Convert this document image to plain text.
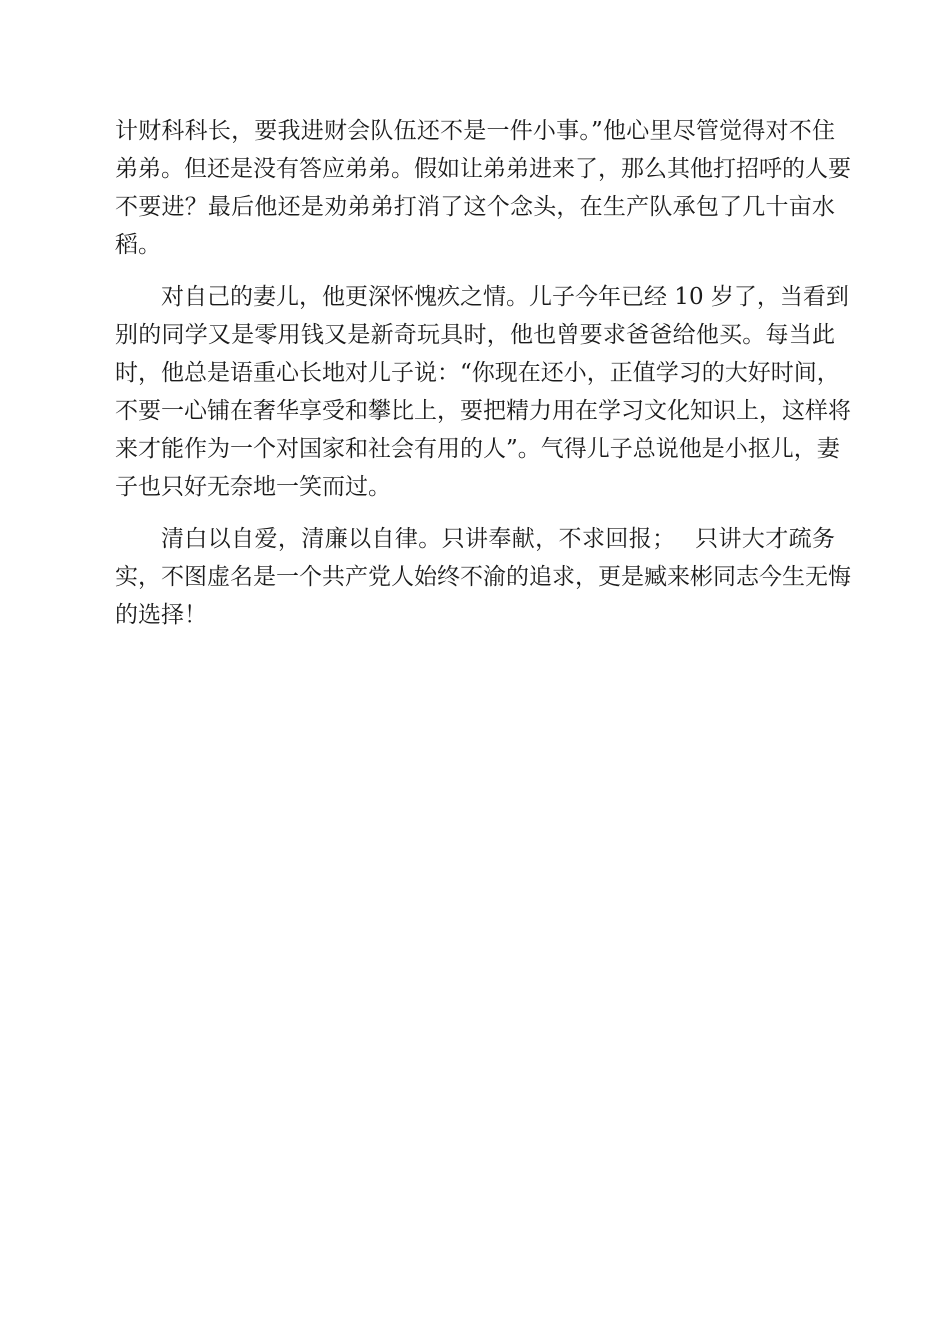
计财科科长，要我进财会队伍还不是一件小事。”他心里尽管觉得对不住
弟弟。但还是没有答应弟弟。假如让弟弟进来了，那么其他打招呼的人要
不要进？最后他还是劝弟弟打消了这个念头，在生产队承包了几十亩水
稻。
对自己的妻儿，他更深怀愧疚之情。儿子今年已经 10 岁了，当看到
别的同学又是零用钱又是新奇玩具时，他也曾要求爸爸给他买。每当此
时，他总是语重心长地对儿子说：“你现在还小，正值学习的大好时间，
不要一心铺在奢华享受和攀比上，要把精力用在学习文化知识上，这样将
来才能作为一个对国家和社会有用的人”。气得儿子总说他是小抠儿，妻
子也只好无奈地一笑而过。
清白以自爱，清廉以自律。只讲奉献，不求回报；　 只讲大才疏务
实，不图虚名是一个共产党人始终不渝的追求，更是臧来彬同志今生无悔
的选择！
